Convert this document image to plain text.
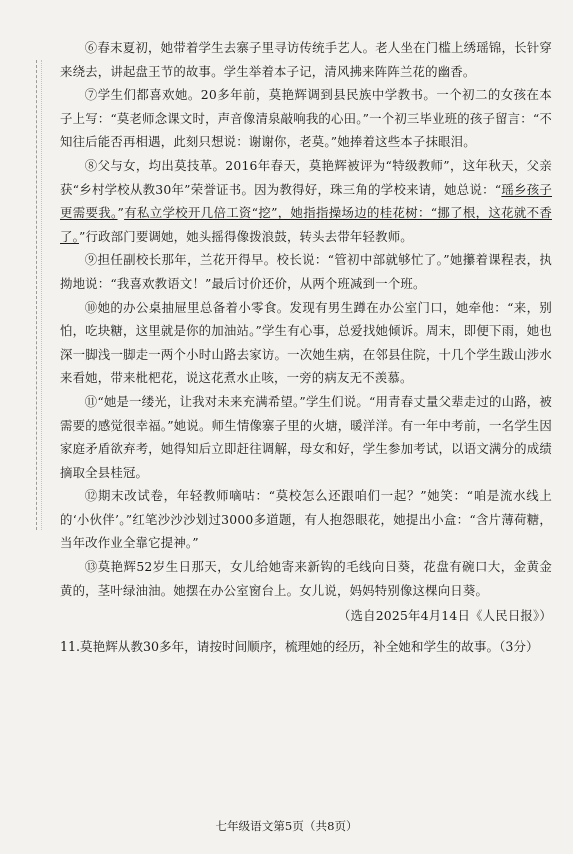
⑥春末夏初，她带着学生去寨子里寻访传统手艺人。老人坐在门槛上绣瑶锦，长针穿来绕去，讲起盘王节的故事。学生举着本子记，清风拂来阵阵兰花的幽香。

⑦学生们都喜欢她。20多年前，莫艳辉调到县民族中学教书。一个初二的女孩在本子上写：“莫老师念课文时，声音像清泉敲响我的心田。”一个初三毕业班的孩子留言：“不知往后能否再相遇，此刻只想说：谢谢你，老莫。”她捧着这些本子抹眼泪。

⑧父与女，均出莫技革。2016年春天，莫艳辉被评为“特级教师”，这年秋天，父亲获“乡村学校从教30年”荣誉证书。因为教得好，珠三角的学校来请，她总说：“瑶乡孩子更需要我。”有私立学校开几倍工资“挖”，她指指操场边的桂花树：“挪了根，这花就不香了。”行政部门要调她，她头摇得像拨浪鼓，转头去带年轻教师。

⑨担任副校长那年，兰花开得早。校长说：“管初中部就够忙了。”她攥着课程表，执拗地说：“我喜欢教语文！”最后讨价还价，从两个班减到一个班。

⑩她的办公桌抽屉里总备着小零食。发现有男生蹲在办公室门口，她牵他：“来，别怕，吃块糖，这里就是你的加油站。”学生有心事，总爱找她倾诉。周末，即便下雨，她也深一脚浅一脚走一两个小时山路去家访。一次她生病，在邻县住院，十几个学生跋山涉水来看她，带来枇杷花，说这花煮水止咳，一旁的病友无不羡慕。

⑪“她是一缕光，让我对未来充满希望。”学生们说。“用青春丈量父辈走过的山路，被需要的感觉很幸福。”她说。师生情像寨子里的火塘，暖洋洋。有一年中考前，一名学生因家庭矛盾欲弃考，她得知后立即赶往调解，母女和好，学生参加考试，以语文满分的成绩摘取全县桂冠。

⑫期末改试卷，年轻教师嘀咕：“莫校怎么还跟咱们一起？”她笑：“咱是流水线上的‘小伙伴’。”红笔沙沙沙划过3000多道题，有人抱怨眼花，她提出小盒：“含片薄荷糖，当年改作业全靠它提神。”

⑬莫艳辉52岁生日那天，女儿给她寄来新钩的毛线向日葵，花盘有碗口大，金黄金黄的，茎叶绿油油。她摆在办公室窗台上。女儿说，妈妈特别像这棵向日葵。

（选自2025年4月14日《人民日报》）

11.莫艳辉从教30多年，请按时间顺序，梳理她的经历，补全她和学生的故事。（3分）
七年级语文第5页（共8页）
